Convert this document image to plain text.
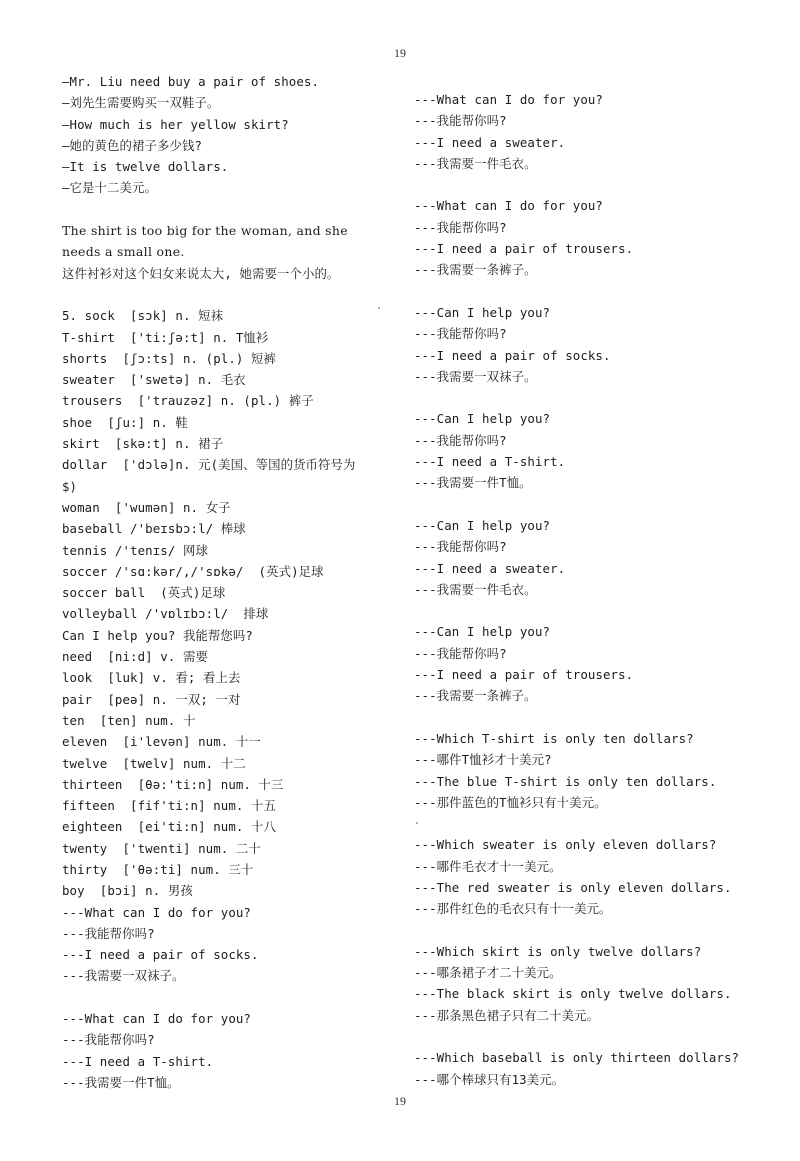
19
—Mr. Liu need buy a pair of shoes.
—刘先生需要购买一双鞋子。
—How much is her yellow skirt?
—她的黄色的裙子多少钱?
—It is twelve dollars.
—它是十二美元。
The shirt is too big for the woman, and she
needs a small one.
这件衬衫对这个妇女来说太大, 她需要一个小的。
5. sock  [sɔk] n. 短袜
T-shirt  ['ti:ʃə:t] n. T恤衫
shorts  [ʃɔ:ts] n. (pl.) 短裤
sweater  ['swetə] n. 毛衣
trousers  ['trauzəz] n. (pl.) 裤子
shoe  [ʃu:] n. 鞋
skirt  [skə:t] n. 裙子
dollar  ['dɔlə]n. 元(美国、等国的货币符号为
$)
woman  ['wumən] n. 女子
baseball /'beɪsbɔ:l/ 棒球
tennis /'tenɪs/ 网球
soccer /'sɑ:kər/,/'sɒkə/  (英式)足球
soccer ball  (英式)足球
volleyball /'vɒlɪbɔ:l/  排球
Can I help you? 我能帮您吗?
need  [ni:d] v. 需要
look  [luk] v. 看; 看上去
pair  [peə] n. 一双; 一对
ten  [ten] num. 十
eleven  [i'levən] num. 十一
twelve  [twelv] num. 十二
thirteen  [θə:'ti:n] num. 十三
fifteen  [fif'ti:n] num. 十五
eighteen  [ei'ti:n] num. 十八
twenty  ['twenti] num. 二十
thirty  ['θə:ti] num. 三十
boy  [bɔi] n. 男孩
---What can I do for you?
---我能帮你吗?
---I need a pair of socks.
---我需要一双袜子。
---What can I do for you?
---我能帮你吗?
---I need a T-shirt.
---我需要一件T恤。
---What can I do for you?
---我能帮你吗?
---I need a sweater.
---我需要一件毛衣。
---What can I do for you?
---我能帮你吗?
---I need a pair of trousers.
---我需要一条裤子。
---Can I help you?
---我能帮你吗?
---I need a pair of socks.
---我需要一双袜子。
---Can I help you?
---我能帮你吗?
---I need a T-shirt.
---我需要一件T恤。
---Can I help you?
---我能帮你吗?
---I need a sweater.
---我需要一件毛衣。
---Can I help you?
---我能帮你吗?
---I need a pair of trousers.
---我需要一条裤子。
---Which T-shirt is only ten dollars?
---哪件T恤衫才十美元?
---The blue T-shirt is only ten dollars.
---那件蓝色的T恤衫只有十美元。
---Which sweater is only eleven dollars?
---哪件毛衣才十一美元。
---The red sweater is only eleven dollars.
---那件红色的毛衣只有十一美元。
---Which skirt is only twelve dollars?
---哪条裙子才二十美元。
---The black skirt is only twelve dollars.
---那条黑色裙子只有二十美元。
---Which baseball is only thirteen dollars?
---哪个棒球只有13美元。
19
